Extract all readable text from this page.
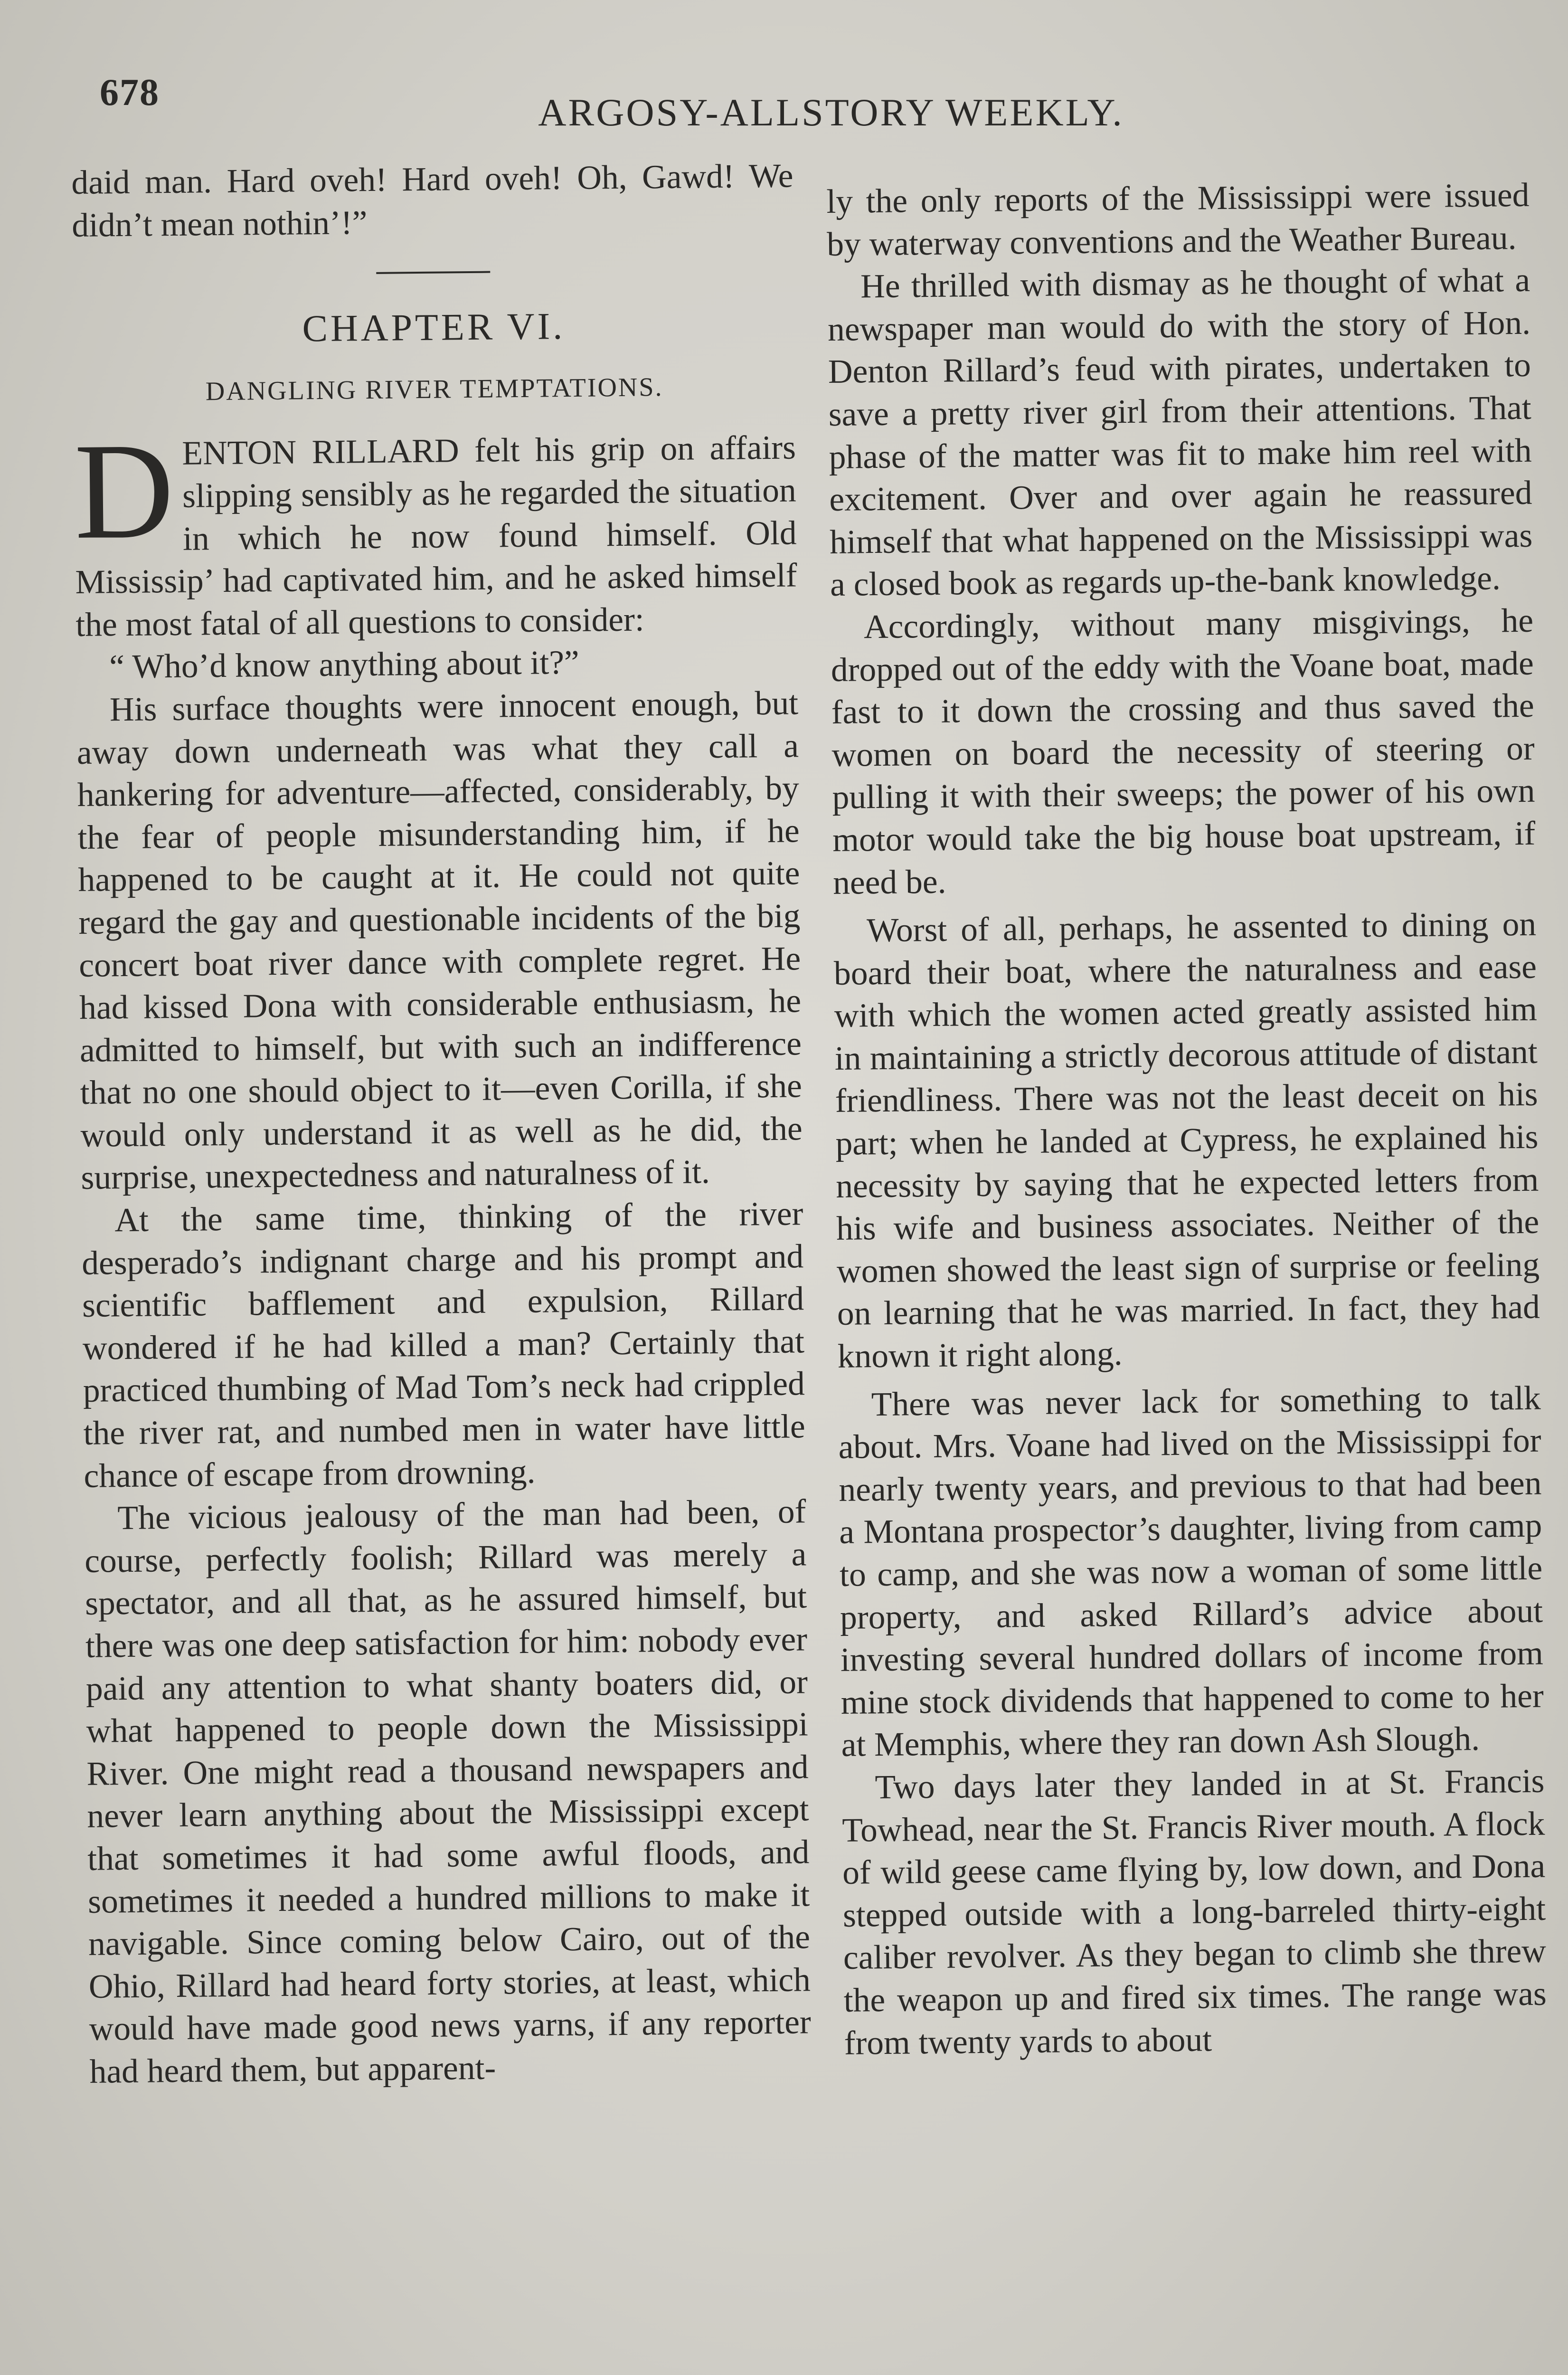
678	ARGOSY-ALLSTORY WEEKLY.

daid man. Hard oveh! Hard oveh! Oh, Gawd! We didn’t mean nothin’!”

CHAPTER VI.
DANGLING RIVER TEMPTATIONS.

DENTON RILLARD felt his grip on affairs slipping sensibly as he regarded the situation in which he now found himself. Old Mississip’ had captivated him, and he asked himself the most fatal of all questions to consider:

“ Who’d know anything about it?”

His surface thoughts were innocent enough, but away down underneath was what they call a hankering for adventure—affected, considerably, by the fear of people misunderstanding him, if he happened to be caught at it. He could not quite regard the gay and questionable incidents of the big concert boat river dance with complete regret. He had kissed Dona with considerable enthusiasm, he admitted to himself, but with such an indifference that no one should object to it—even Corilla, if she would only understand it as well as he did, the surprise, unexpectedness and naturalness of it.

At the same time, thinking of the river desperado’s indignant charge and his prompt and scientific bafflement and expulsion, Rillard wondered if he had killed a man? Certainly that practiced thumbing of Mad Tom’s neck had crippled the river rat, and numbed men in water have little chance of escape from drowning.

The vicious jealousy of the man had been, of course, perfectly foolish; Rillard was merely a spectator, and all that, as he assured himself, but there was one deep satisfaction for him: nobody ever paid any attention to what shanty boaters did, or what happened to people down the Mississippi River. One might read a thousand newspapers and never learn anything about the Mississippi except that sometimes it had some awful floods, and sometimes it needed a hundred millions to make it navigable. Since coming below Cairo, out of the Ohio, Rillard had heard forty stories, at least, which would have made good news yarns, if any reporter had heard them, but apparent-

ly the only reports of the Mississippi were issued by waterway conventions and the Weather Bureau.

He thrilled with dismay as he thought of what a newspaper man would do with the story of Hon. Denton Rillard’s feud with pirates, undertaken to save a pretty river girl from their attentions. That phase of the matter was fit to make him reel with excitement. Over and over again he reassured himself that what happened on the Mississippi was a closed book as regards up-the-bank knowledge.

Accordingly, without many misgivings, he dropped out of the eddy with the Voane boat, made fast to it down the crossing and thus saved the women on board the necessity of steering or pulling it with their sweeps; the power of his own motor would take the big house boat upstream, if need be.

Worst of all, perhaps, he assented to dining on board their boat, where the naturalness and ease with which the women acted greatly assisted him in maintaining a strictly decorous attitude of distant friendliness. There was not the least deceit on his part; when he landed at Cypress, he explained his necessity by saying that he expected letters from his wife and business associates. Neither of the women showed the least sign of surprise or feeling on learning that he was married. In fact, they had known it right along.

There was never lack for something to talk about. Mrs. Voane had lived on the Mississippi for nearly twenty years, and previous to that had been a Montana prospector’s daughter, living from camp to camp, and she was now a woman of some little property, and asked Rillard’s advice about investing several hundred dollars of income from mine stock dividends that happened to come to her at Memphis, where they ran down Ash Slough.

Two days later they landed in at St. Francis Towhead, near the St. Francis River mouth. A flock of wild geese came flying by, low down, and Dona stepped outside with a long-barreled thirty-eight caliber revolver. As they began to climb she threw the weapon up and fired six times. The range was from twenty yards to about
